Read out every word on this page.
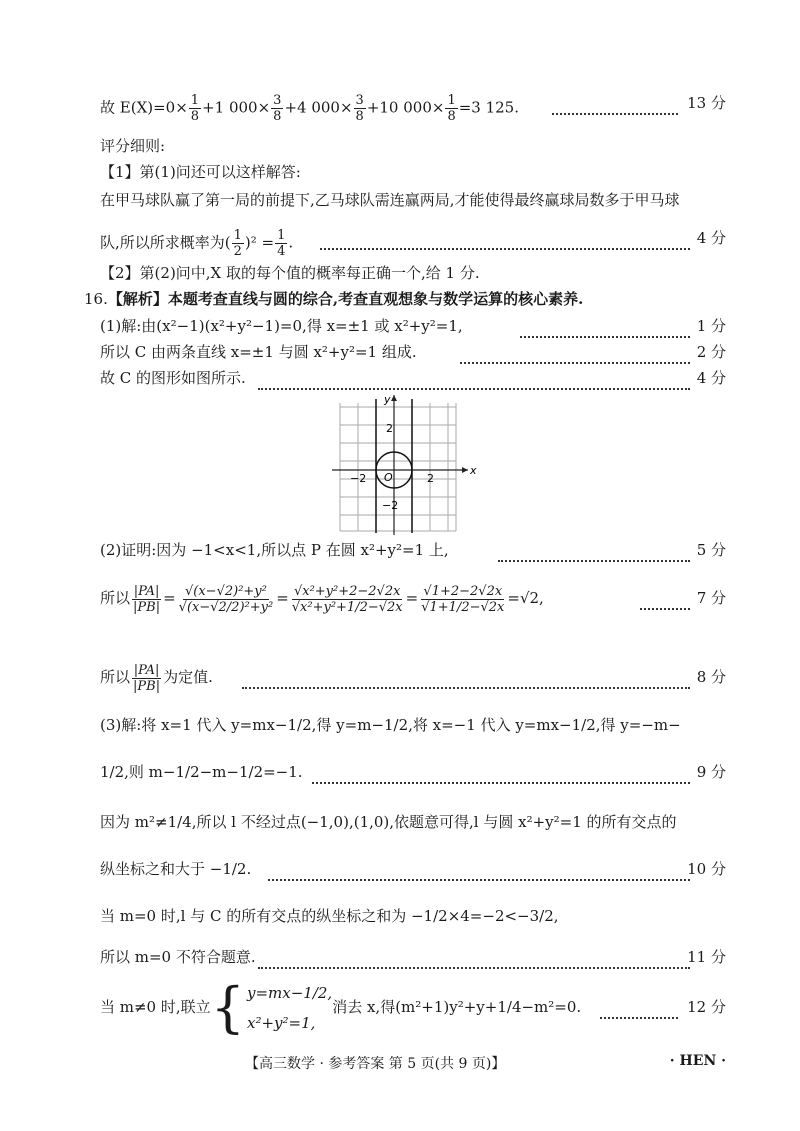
故 $E(X)=0\times \frac{1}{8} +1$ $000\times \frac{3}{8} +4$ $000\times \frac{3}{8} +10$ $000\times \frac{1}{8} =3$ 125.	13 分
评分细则:
【1】第(1)问还可以这样解答:
在甲马球队赢了第一局的前提下,乙马球队需连赢两局,才能使得最终赢球局数多于甲马球
队,所以所求概率为( $\frac{1}{2} )^2 = \frac{1}{4}$ .	4 分
【2】第(2)问中,X 取的每个值的概率每正确一个,给 1 分.
16.【解析】本题考查直线与圆的综合,考查直观想象与数学运算的核心素养.
(1)解:由(x²−1)(x²+y²−1)=0,得 x=±1 或 x²+y²=1,	1 分
所以 C 由两条直线 x=±1 与圆 x²+y²=1 组成.	2 分
故 C 的图形如图所示.	4 分
x
y
O
−2	2
2
−2
(2)证明:因为 −1<x<1,所以点 P 在圆 x²+y²=1 上,	5 分
所以 $\frac{|PA|}{|PB|} = \frac{\text{√(x−√2)²+y²}}{\text{√(x−√2/2)²+y²}} = \frac{\text{√x²+y²+2−2√2x}}{\text{√x²+y²+1/2−√2x}} = \frac{√1+2-2√2x}{√1+1/2-√2x} =√2$,	7 分
所以 $\frac{|PA|}{|PB|}$ 为定值.	8 分
(3)解:将 x=1 代入 y=mx−1/2,得 y=m−1/2,将 x=−1 代入 y=mx−1/2,得 y=−m−
1/2,则 m−1/2−m−1/2=−1.	9 分
因为 m²≠1/4,所以 l 不经过点(−1,0),(1,0),依题意可得,l 与圆 x²+y²=1 的所有交点的
纵坐标之和大于 −1/2.	10 分
当 m=0 时,l 与 C 的所有交点的纵坐标之和为 −1/2×4=−2<−3/2,
所以 m=0 不符合题意.	11 分
当 m≠0 时,联立{ y=mx−1/2,
x²+y²=1,
消去 x,得(m²+1)y²+y+1/4−m²=0.	12 分
【高三数学 · 参考答案 第 5 页(共 9 页)】	· HEN ·
